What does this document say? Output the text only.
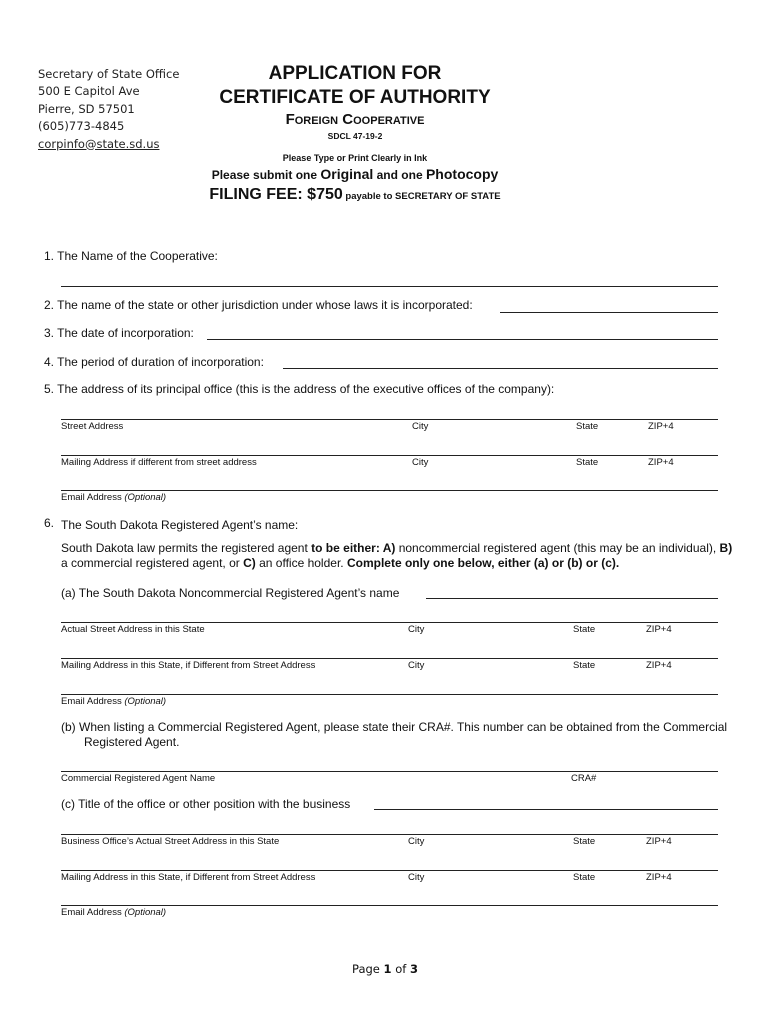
Secretary of State Office
500 E Capitol Ave
Pierre, SD 57501
(605)773-4845
corpinfo@state.sd.us
APPLICATION FOR
CERTIFICATE OF AUTHORITY
Foreign Cooperative
SDCL 47-19-2
Please Type or Print Clearly in Ink
Please submit one Original and one Photocopy
FILING FEE: $750 payable to SECRETARY OF STATE
1. The Name of the Cooperative:
2. The name of the state or other jurisdiction under whose laws it is incorporated:
3. The date of incorporation:
4. The period of duration of incorporation:
5. The address of its principal office (this is the address of the executive offices of the company):
Street Address	City	State	ZIP+4
Mailing Address if different from street address	City	State	ZIP+4
Email Address (Optional)
6. The South Dakota Registered Agent’s name:
South Dakota law permits the registered agent to be either: A) noncommercial registered agent (this may be an individual), B) a commercial registered agent, or C) an office holder. Complete only one below, either (a) or (b) or (c).
(a) The South Dakota Noncommercial Registered Agent’s name
Actual Street Address in this State	City	State	ZIP+4
Mailing Address in this State, if Different from Street Address	City	State	ZIP+4
Email Address (Optional)
(b) When listing a Commercial Registered Agent, please state their CRA#. This number can be obtained from the Commercial Registered Agent.
Commercial Registered Agent Name	CRA#
(c) Title of the office or other position with the business
Business Office’s Actual Street Address in this State	City	State	ZIP+4
Mailing Address in this State, if Different from Street Address	City	State	ZIP+4
Email Address (Optional)
Page 1 of 3
